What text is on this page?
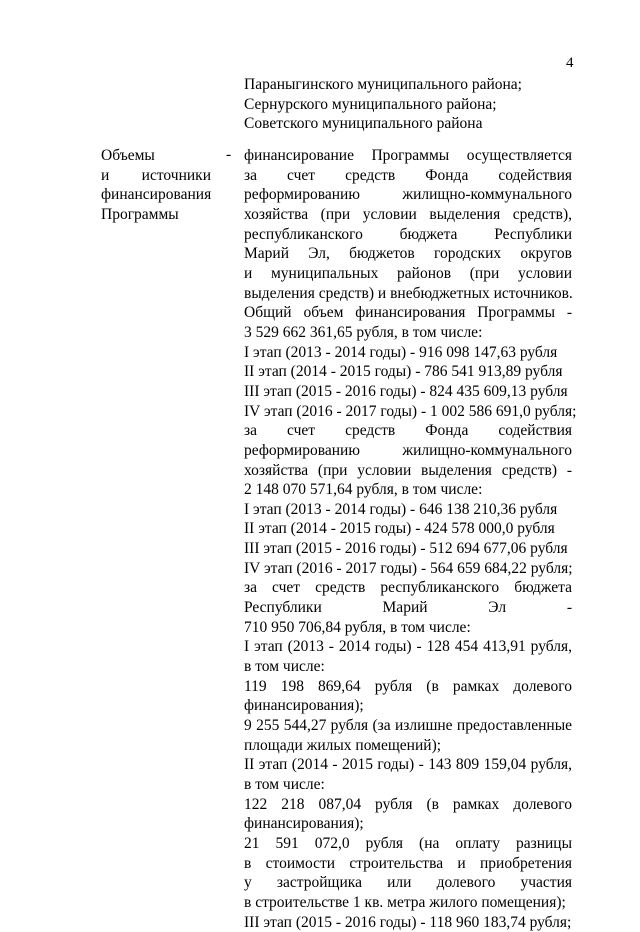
4
Параныгинского муниципального района;
Сернурского муниципального района;
Советского муниципального района
Объемы
и источники
финансирования
Программы
- финансирование Программы осуществляется
за счет средств Фонда содействия
реформированию жилищно-коммунального
хозяйства (при условии выделения средств),
республиканского бюджета Республики
Марий Эл, бюджетов городских округов
и муниципальных районов (при условии
выделения средств) и внебюджетных источников.
Общий объем финансирования Программы -
3 529 662 361,65 рубля, в том числе:
I этап (2013 - 2014 годы) - 916 098 147,63 рубля
II этап (2014 - 2015 годы) - 786 541 913,89 рубля
III этап (2015 - 2016 годы) - 824 435 609,13 рубля
IV этап (2016 - 2017 годы) - 1 002 586 691,0 рубля;
за счет средств Фонда содействия
реформированию жилищно-коммунального
хозяйства (при условии выделения средств) -
2 148 070 571,64 рубля, в том числе:
I этап (2013 - 2014 годы) - 646 138 210,36 рубля
II этап (2014 - 2015 годы) - 424 578 000,0 рубля
III этап (2015 - 2016 годы) - 512 694 677,06 рубля
IV этап (2016 - 2017 годы) - 564 659 684,22 рубля;
за счет средств республиканского бюджета
Республики Марий Эл -
710 950 706,84 рубля, в том числе:
I этап (2013 - 2014 годы) - 128 454 413,91 рубля,
в том числе:
119 198 869,64 рубля (в рамках долевого
финансирования);
9 255 544,27 рубля (за излишне предоставленные
площади жилых помещений);
II этап (2014 - 2015 годы) - 143 809 159,04 рубля,
в том числе:
122 218 087,04 рубля (в рамках долевого
финансирования);
21 591 072,0 рубля (на оплату разницы
в стоимости строительства и приобретения
у застройщика или долевого участия
в строительстве 1 кв. метра жилого помещения);
III этап (2015 - 2016 годы) - 118 960 183,74 рубля;
